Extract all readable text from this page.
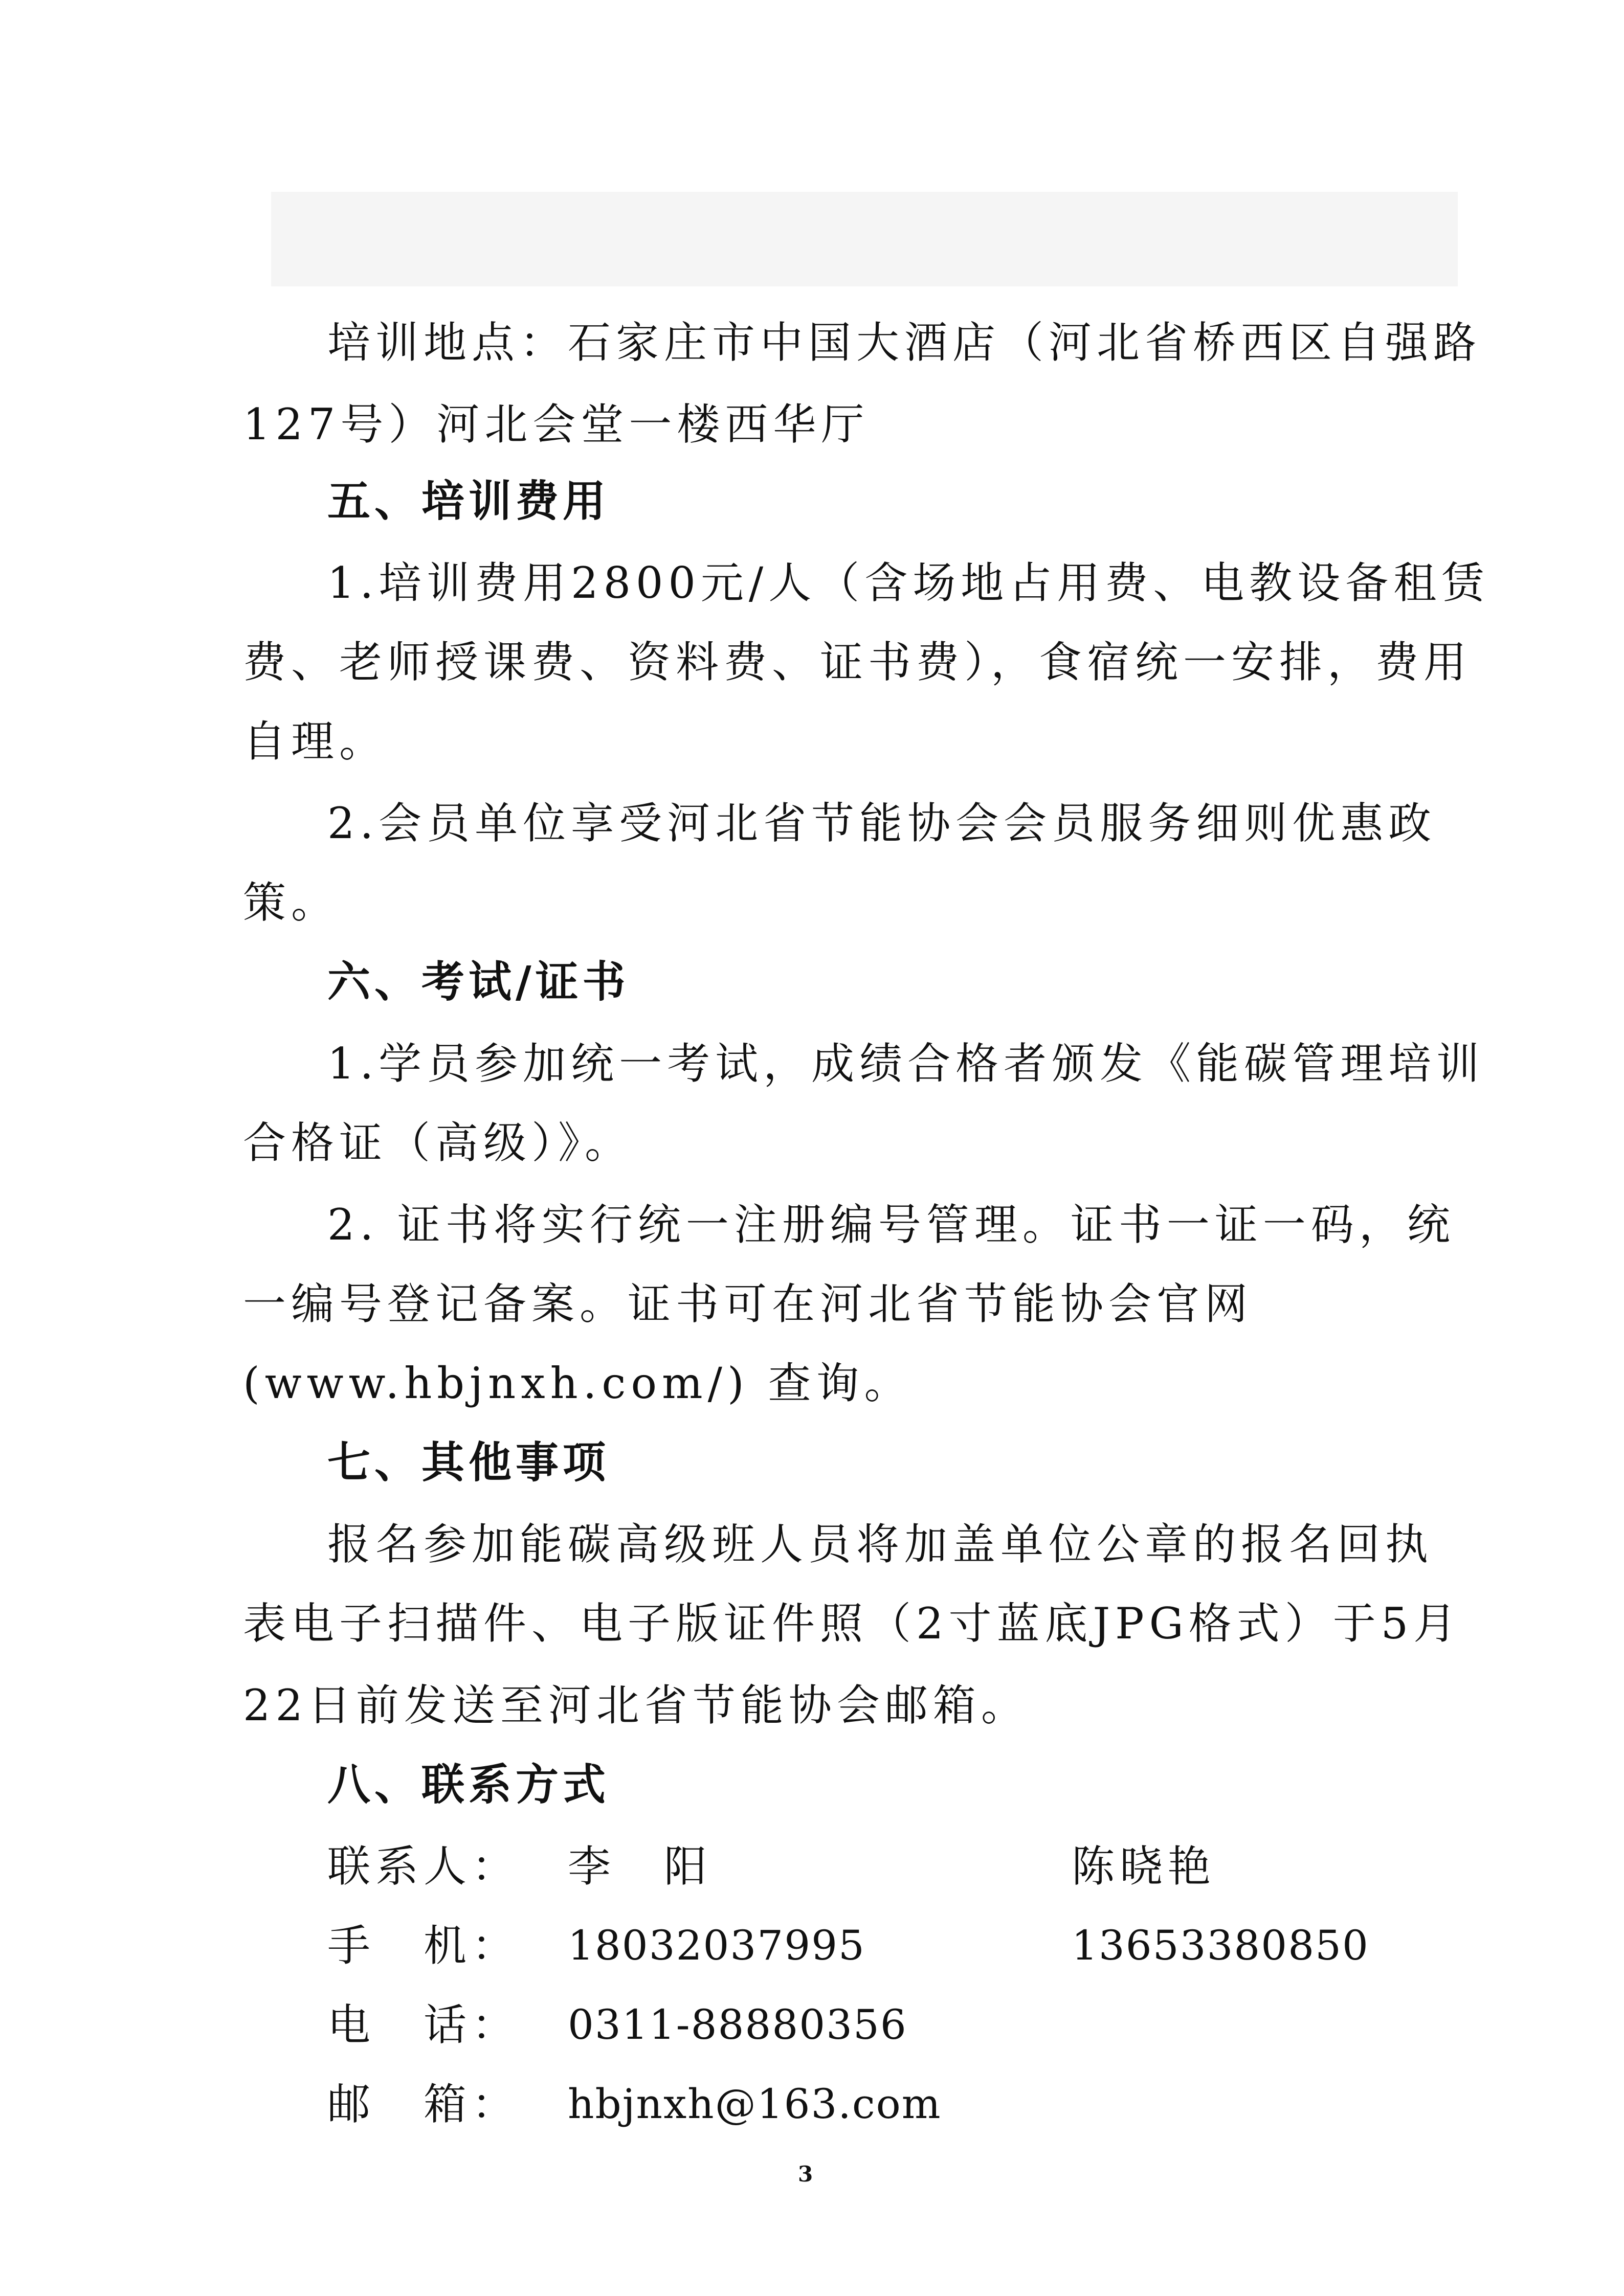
培训地点：石家庄市中国大酒店（河北省桥西区自强路
127号）河北会堂一楼西华厅
五、培训费用
1.培训费用2800元/人（含场地占用费、电教设备租赁
费、老师授课费、资料费、证书费），食宿统一安排，费用
自理。
2.会员单位享受河北省节能协会会员服务细则优惠政
策。
六、考试/证书
1.学员参加统一考试，成绩合格者颁发《能碳管理培训
合格证（高级）》。
2. 证书将实行统一注册编号管理。证书一证一码，统
一编号登记备案。证书可在河北省节能协会官网
(www.hbjnxh.com/) 查询。
七、其他事项
报名参加能碳高级班人员将加盖单位公章的报名回执
表电子扫描件、电子版证件照（2寸蓝底JPG格式）于5月
22日前发送至河北省节能协会邮箱。
八、联系方式
联系人： 李　阳	陈晓艳
手　机： 18032037995	13653380850
电　话： 0311-88880356
邮　箱： hbjnxh@163.com
3
